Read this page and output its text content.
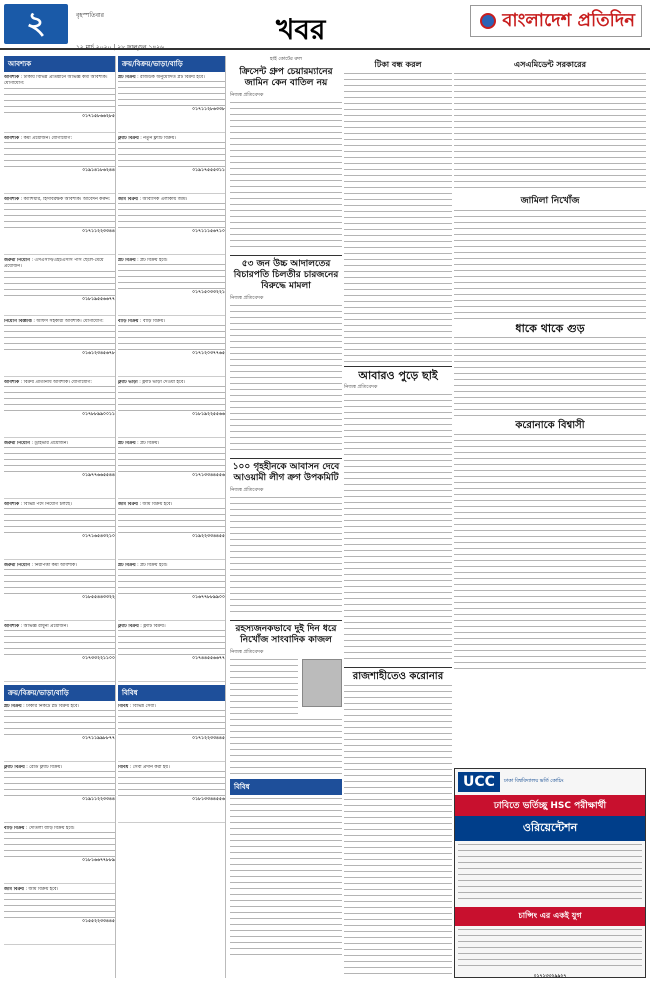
২	বৃহস্পতিবার
১২ মার্চ ২০২০ | ২৮ ফাল্গুন ১৪২৬
খবর	বাংলাদেশ প্রতিদিন
আবশ্যক
আবশ্যক : ঢাকায় বিভিন্ন প্রতিষ্ঠানে অভিজ্ঞ কর্মী আবশ্যক। যোগাযোগ:
০১৭১৫৮৬৬২৮৫
আবশ্যক : কর্মী প্রয়োজন। যোগাযোগ:
০১৯১৪১৮৬২৪৪
আবশ্যক : ক্যাশিয়ার, হিসাবরক্ষক আবশ্যক। আবেদন করুন:
০১৭১১২২৩৩৪৪
জরুরী নিয়োগ : এসএসসি/এইচএসসি পাস ছেলে-মেয়ে প্রয়োজন।
০১৮১৯৫৫৬৬৭৭
নিয়োগ বিজ্ঞপ্তি : অফিস সহকারী আবশ্যক। যোগাযোগ:
০১৬১২৩৪৫৬৭৮
আবশ্যক : বিক্রয় প্রতিনিধি আবশ্যক। যোগাযোগ:
০১৭৮৮৯৯০০১১
জরুরী নিয়োগ : ড্রাইভার প্রয়োজন।
০১৯৭৭৬৬৫৫৪৪
আবশ্যক : বিভিন্ন পদে নিয়োগ চলছে।
০১৭১৬৫৪৩২১০
জরুরী নিয়োগ : নিরাপত্তা কর্মী আবশ্যক।
০১৮৫৫৪৪৩৩২২
আবশ্যক : অভিজ্ঞ রাধুনী প্রয়োজন।
০১৭৩৩২২১১০০
ক্রয়/বিক্রয়/ভাড়া/বাড়ি
প্লট বিক্রয় : ঢাকার নিকটে প্লট বিক্রয় হবে।
০১৭১১৯৯৮৮৭৭
ফ্ল্যাট বিক্রয় : রেডি ফ্ল্যাট বিক্রয়।
০১৯১১২২৩৩৪৪
বাড়ি বিক্রয় : দোতলা বাড়ি বিক্রয় হবে।
০১৮১৬৬৭৭৮৮৯
জমি বিক্রয় : জমি বিক্রয় হবে।
০১৫৫২২৩৩৪৪৫
ক্রয়/বিক্রয়/ভাড়া/বাড়ি
প্লট বিক্রয় : রাজউক অনুমোদিত প্লট বিক্রয় হবে।
০১৭১১২৮৬৩৩৮
ফ্ল্যাট বিক্রয় : নতুন ফ্ল্যাট বিক্রয়।
০১৯১৭৫৫৫৩১১
জমি বিক্রয় : আবাসিক এলাকায় জমি।
০১৭১১১৫৬৭১০
প্লট বিক্রয় : প্লট বিক্রয় হবে।
০১৭১৫০৩৩২২১
বাড়ি বিক্রয় : বাড়ি বিক্রয়।
০১৭১২০৩৭৭৬৫
ফ্ল্যাট ভাড়া : ফ্ল্যাট ভাড়া দেওয়া হবে।
০১৮১৯২২৫৫৬৬
প্লট বিক্রয় : প্লট বিক্রয়।
০১৭১৩৩৪৪৫৫৬
জমি বিক্রয় : জমি বিক্রয় হবে।
০১৯২২৩৩৪৪৫৫
প্লট বিক্রয় : প্লট বিক্রয় হবে।
০১৬৭৭৮৮৯৯০০
ফ্ল্যাট বিক্রয় : ফ্ল্যাট বিক্রয়।
০১৭৪৪৫৫৬৬৭৭
বিবিধ
বিবিধ : বিভিন্ন সেবা।
০১৭১২২৩৩৪৪৫
বিবিধ : সেবা প্রদান করা হয়।
০১৮১৩৩৪৪৫৫৬
হাই কোর্টের রুল
ক্রিসেন্ট গ্রুপ চেয়ারম্যানের জামিন কেন বাতিল নয়
নিজস্ব প্রতিবেদক
৫৩ জন উচ্চ আদালতের বিচারপতি চিলতীর চারজনের বিরুদ্ধে মামলা
নিজস্ব প্রতিবেদক
১০০ গৃহহীনকে আবাসন দেবে আওয়ামী লীগ ক্রগ উপকমিটি
নিজস্ব প্রতিবেদক
রহস্যজনকভাবে দুই দিন ধরে নিখোঁজ সাংবাদিক কাজল
নিজস্ব প্রতিবেদক
বিবিধ
টিকা বন্ধ করল
আবারও পুড়ে ছাই
নিজস্ব প্রতিবেদক
রাজশাহীতেও করোনার
এসএমিডেন্ট সরকারের
জামিলা নিখোঁজ
ধাকে থাকে গুড়
করোনাকে বিশ্বাসী
UCC	ঢাকা বিশ্ববিদ্যালয় ভর্তি কোচিং
ঢাবিতে ভর্তিচ্ছু HSC পরীক্ষার্থী
ওরিয়েন্টেশন
চান্সিং এর একই যুগ
০১৭১৩৩২৯৯২৭
